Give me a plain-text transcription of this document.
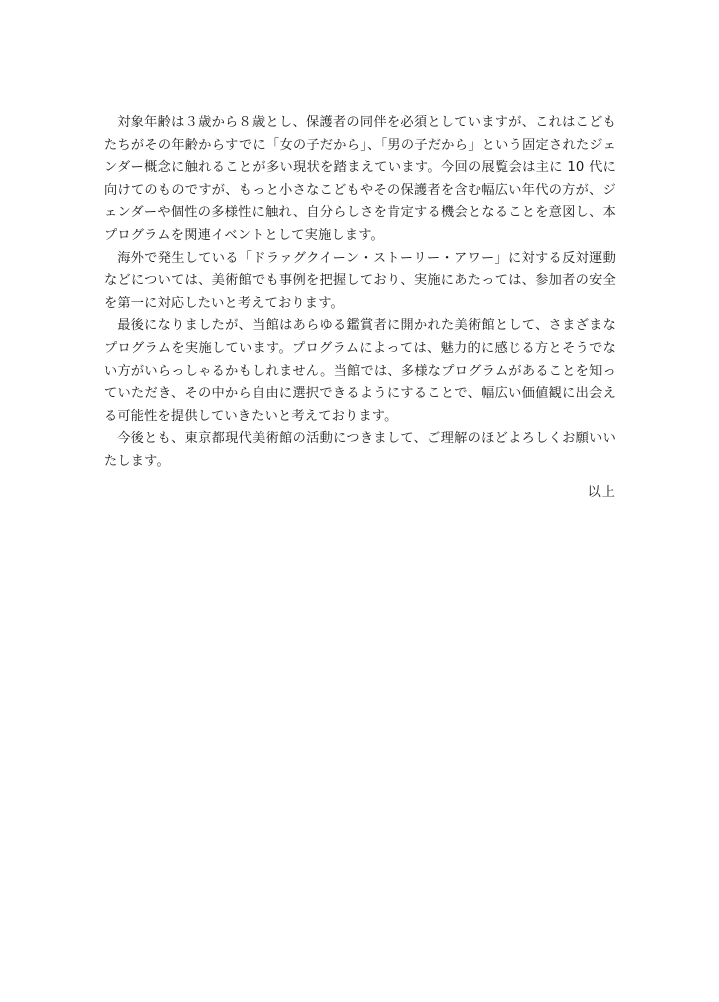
対象年齢は３歳から８歳とし、保護者の同伴を必須としていますが、これはこどもたちがその年齢からすでに「女の子だから」、「男の子だから」という固定されたジェンダー概念に触れることが多い現状を踏まえています。今回の展覧会は主に 10 代に向けてのものですが、もっと小さなこどもやその保護者を含む幅広い年代の方が、ジェンダーや個性の多様性に触れ、自分らしさを肯定する機会となることを意図し、本プログラムを関連イベントとして実施します。

海外で発生している「ドラァグクイーン・ストーリー・アワー」に対する反対運動などについては、美術館でも事例を把握しており、実施にあたっては、参加者の安全を第一に対応したいと考えております。

最後になりましたが、当館はあらゆる鑑賞者に開かれた美術館として、さまざまなプログラムを実施しています。プログラムによっては、魅力的に感じる方とそうでない方がいらっしゃるかもしれません。当館では、多様なプログラムがあることを知っていただき、その中から自由に選択できるようにすることで、幅広い価値観に出会える可能性を提供していきたいと考えております。

今後とも、東京都現代美術館の活動につきまして、ご理解のほどよろしくお願いいたします。

以上
